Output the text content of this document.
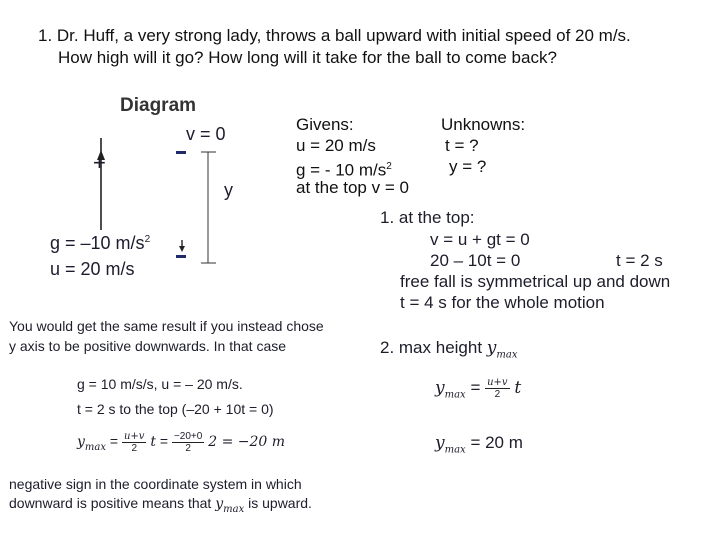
1. Dr. Huff, a very strong lady, throws a ball upward with initial speed of 20 m/s.
How high will it go? How long will it take for the ball to come back?
Diagram
v = 0
+
y
g = –10 $m/s^2$
u = 20 m/s
Givens:
u = 20 m/s
g = - 10 $m/s^2$
at the top v = 0
Unknowns:
t = ?
y = ?
1. at the top:
v = u + gt = 0
20 – 10t = 0	t = 2 s
free fall is symmetrical up and down
t = 4 s for the whole motion
2. max height $y_{max}$
$y_{max} = \frac{u+v}{2}$ t
$y_{max} = 20$ m
You would get the same result if you instead chose
y axis to be positive downwards. In that case
g = 10 m/s/s, u = – 20 m/s.
t = 2 s to the top (–20 + 10t = 0)
$y_{max} = \frac{u+v}{2}$ $t = \frac{-20+0}{2} 2 = -20$ m
negative sign in the coordinate system in which
downward is positive means that $y_{max}$ is upward.
